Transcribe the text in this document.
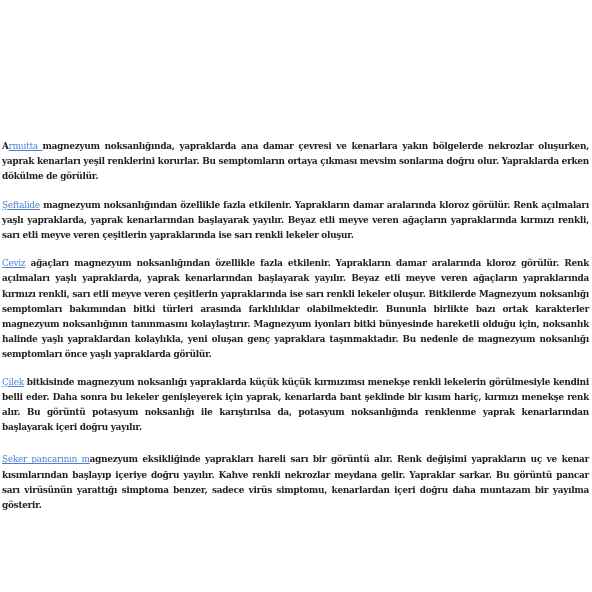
Armutta magnezyum noksanlığında, yapraklarda ana damar çevresi ve kenarlara yakın bölgelerde nekrozlar oluşurken, yaprak kenarları yeşil renklerini korurlar. Bu semptomların ortaya çıkması mevsim sonlarına doğru olur. Yapraklarda erken dökülme de görülür.

Şeftalide magnezyum noksanlığından özellikle fazla etkilenir. Yaprakların damar aralarında kloroz görülür. Renk açılmaları yaşlı yapraklarda, yaprak kenarlarından başlayarak yayılır. Beyaz etli meyve veren ağaçların yapraklarında kırmızı renkli, sarı etli meyve veren çeşitlerin yapraklarında ise sarı renkli lekeler oluşur.

Ceviz ağaçları magnezyum noksanlığından özellikle fazla etkilenir. Yaprakların damar aralarında kloroz görülür. Renk açılmaları yaşlı yapraklarda, yaprak kenarlarından başlayarak yayılır. Beyaz etli meyve veren ağaçların yapraklarında kırmızı renkli, sarı etli meyve veren çeşitlerin yapraklarında ise sarı renkli lekeler oluşur. Bitkilerde Magnezyum noksanlığı semptomları bakımından bitki türleri arasında farklılıklar olabilmektedir. Bununla birlikte bazı ortak karakterler magnezyum noksanlığının tanınmasını kolaylaştırır. Magnezyum iyonları bitki bünyesinde hareketli olduğu için, noksanlık halinde yaşlı yapraklardan kolaylıkla, yeni oluşan genç yapraklara taşınmaktadır. Bu nedenle de magnezyum noksanlığı semptomları önce yaşlı yapraklarda görülür.

Çilek bitkisinde magnezyum noksanlığı yapraklarda küçük küçük kırmızımsı menekşe renkli lekelerin görülmesiyle kendini belli eder. Daha sonra bu lekeler genişleyerek için yaprak, kenarlarda bant şeklinde bir kısım hariç, kırmızı menekşe renk alır. Bu görüntü potasyum noksanlığı ile karıştırılsa da, potasyum noksanlığında renklenme yaprak kenarlarından başlayarak içeri doğru yayılır.

Şeker pancarının magnezyum eksikliğinde yaprakları hareli sarı bir görüntü alır. Renk değişimi yaprakların uç ve kenar kısımlarından başlayıp içeriye doğru yayılır. Kahve renkli nekrozlar meydana gelir. Yapraklar sarkar. Bu görüntü pancar sarı virüsünün yarattığı simptoma benzer, sadece virüs simptomu, kenarlardan içeri doğru daha muntazam bir yayılma gösterir.
